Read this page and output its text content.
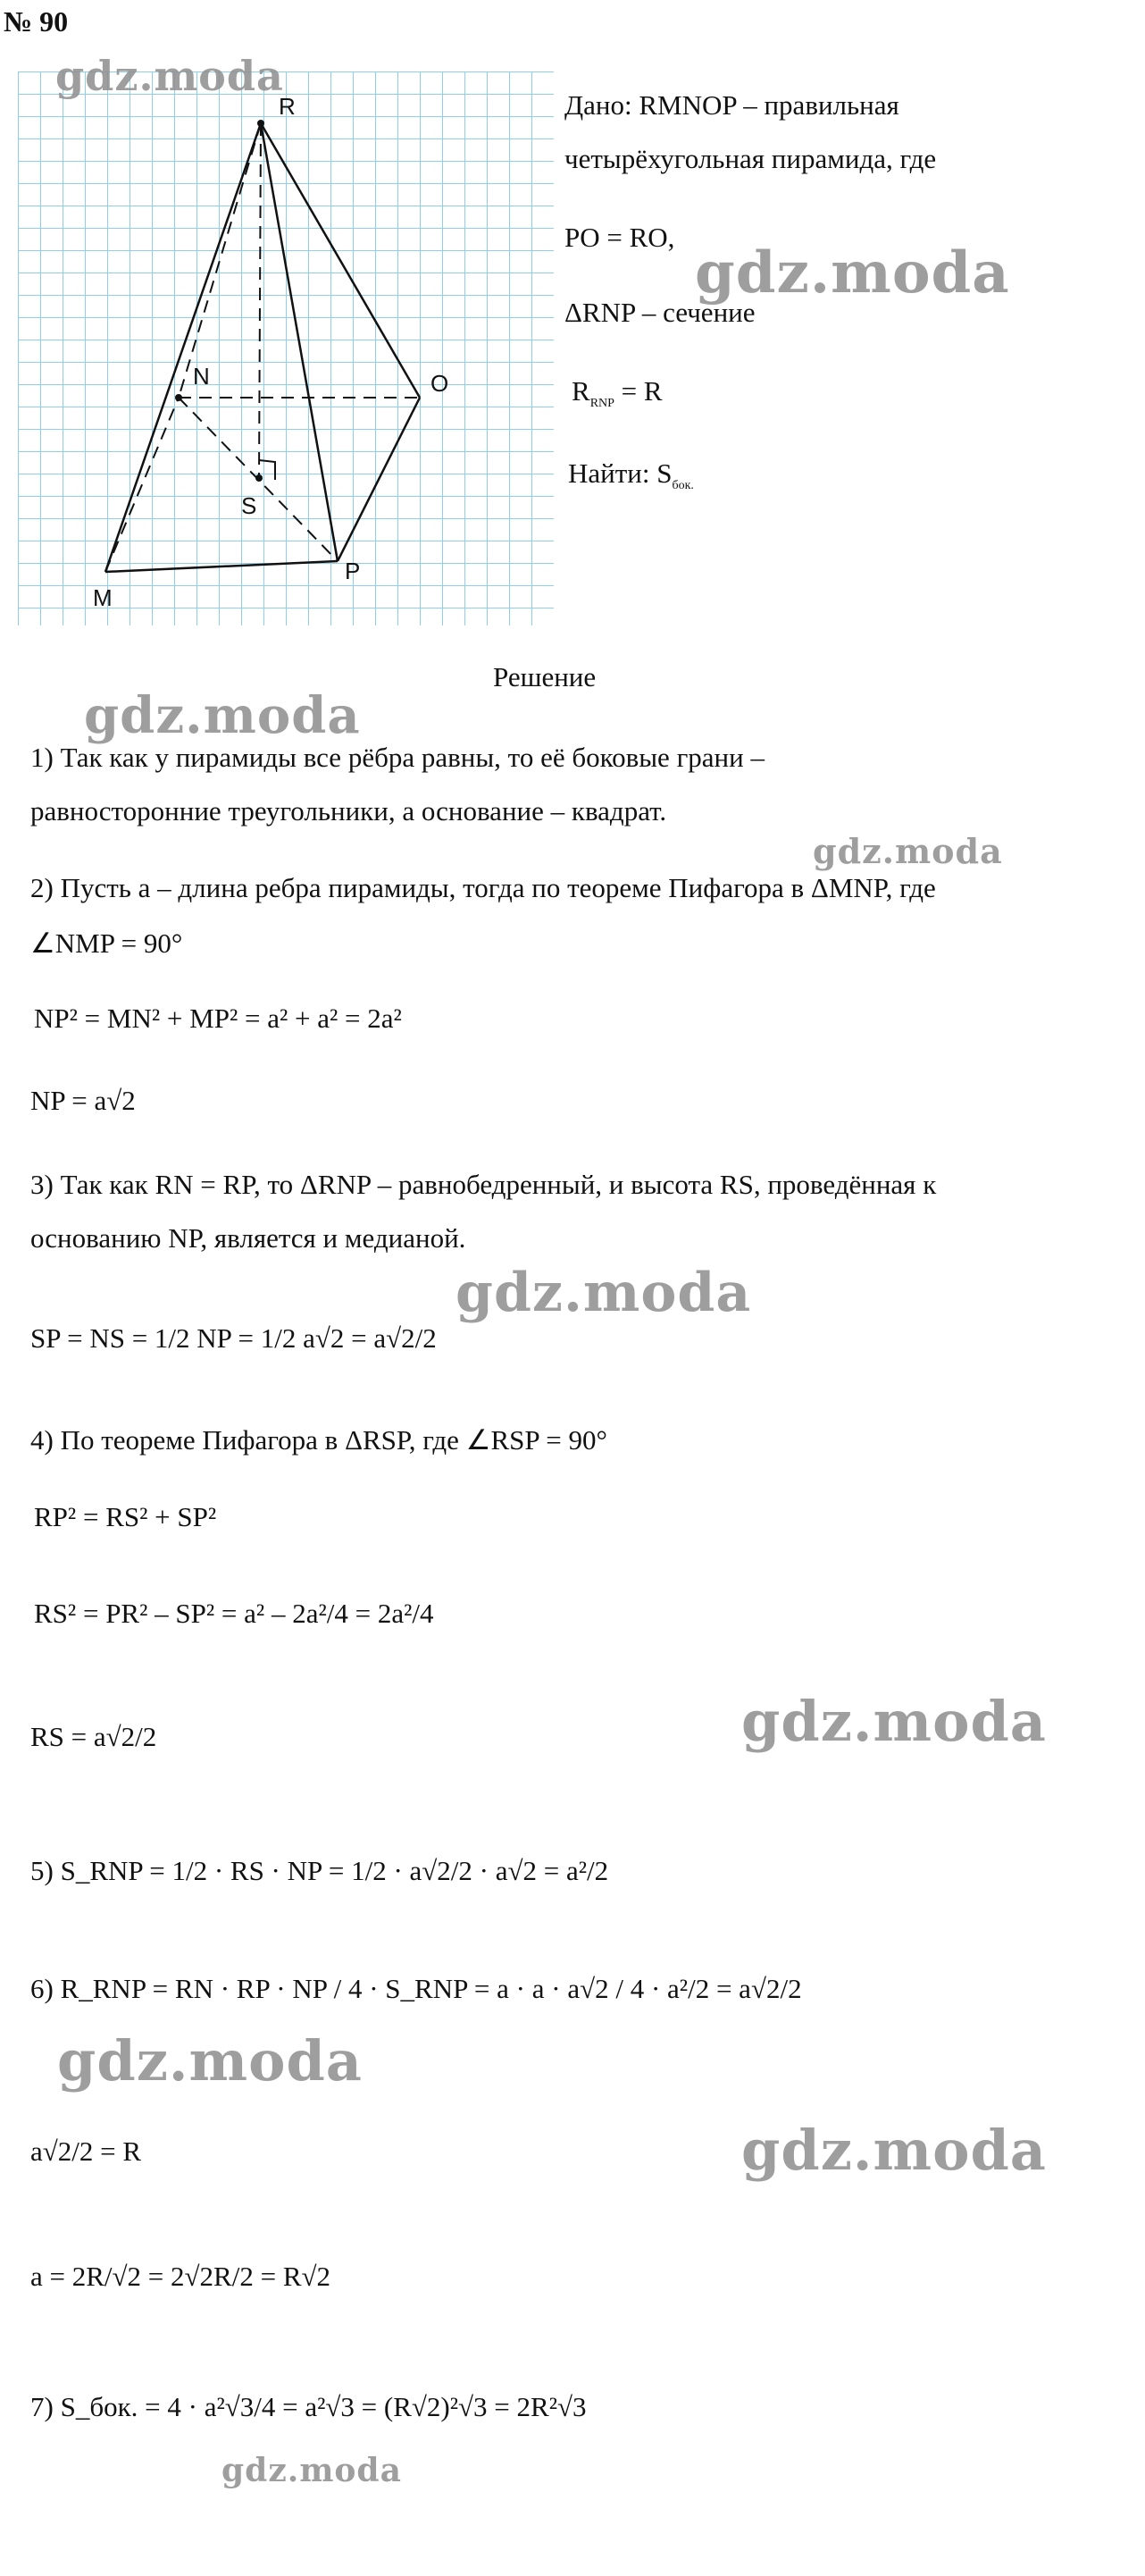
№ 90
R
N	O
S
M
P
Дано: RMNOP – правильная
четырёхугольная пирамида, где
PO = RO,
ΔRNP – сечение
$R_{RNP} = R$
Найти: $S_{бок.}$
Решение
1) Так как у пирамиды все рёбра равны, то её боковые грани –
равносторонние треугольники, а основание – квадрат.
2) Пусть a – длина ребра пирамиды, тогда по теореме Пифагора в ΔMNP, где
∠NMP = 90°
NP² = MN² + MP² = a² + a² = 2a²
NP = a√2
3) Так как RN = RP, то ΔRNP – равнобедренный, и высота RS, проведённая к
основанию NP, является и медианой.
SP = NS = 1/2 NP = 1/2 a√2 = a√2/2
4) По теореме Пифагора в ΔRSP, где ∠RSP = 90°
RP² = RS² + SP²
RS² = PR² – SP² = a² – 2a²/4 = 2a²/4
RS = a√2/2
5) S_RNP = 1/2 · RS · NP = 1/2 · a√2/2 · a√2 = a²/2
6) R_RNP = RN · RP · NP / 4 · S_RNP = a · a · a√2 / 4 · a²/2 = a√2/2
a√2/2 = R
a = 2R/√2 = 2√2R/2 = R√2
7) S_бок. = 4 · a²√3/4 = a²√3 = (R√2)²√3 = 2R²√3
gdz.moda
gdz.moda
gdz.moda
gdz.moda
gdz.moda
gdz.moda
gdz.moda
gdz.moda
gdz.moda
